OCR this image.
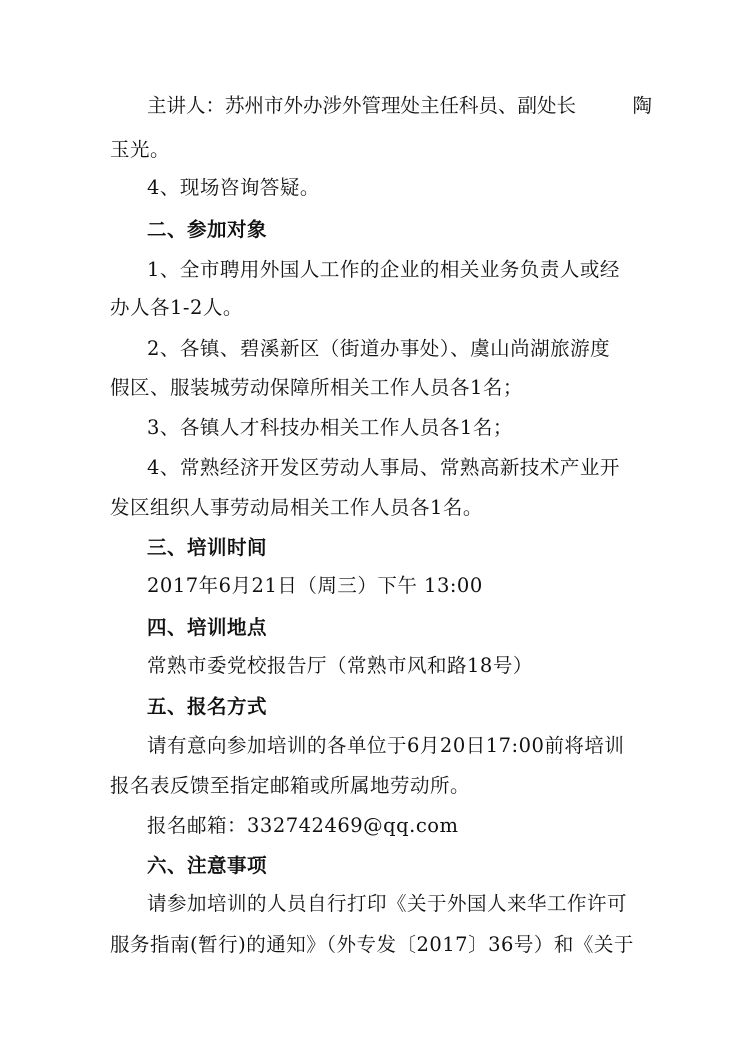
主讲人：苏州市外办涉外管理处主任科员、副处长	陶
玉光。
4、现场咨询答疑。
二、参加对象
1、全市聘用外国人工作的企业的相关业务负责人或经
办人各1-2人。
2、各镇、碧溪新区（街道办事处）、虞山尚湖旅游度
假区、服装城劳动保障所相关工作人员各1名；
3、各镇人才科技办相关工作人员各1名；
4、常熟经济开发区劳动人事局、常熟高新技术产业开
发区组织人事劳动局相关工作人员各1名。
三、培训时间
2017年6月21日（周三）下午 13:00
四、培训地点
常熟市委党校报告厅（常熟市风和路18号）
五、报名方式
请有意向参加培训的各单位于6月20日17:00前将培训
报名表反馈至指定邮箱或所属地劳动所。
报名邮箱：332742469@qq.com
六、注意事项
请参加培训的人员自行打印《关于外国人来华工作许可
服务指南(暂行)的通知》（外专发〔2017〕36号）和《关于
